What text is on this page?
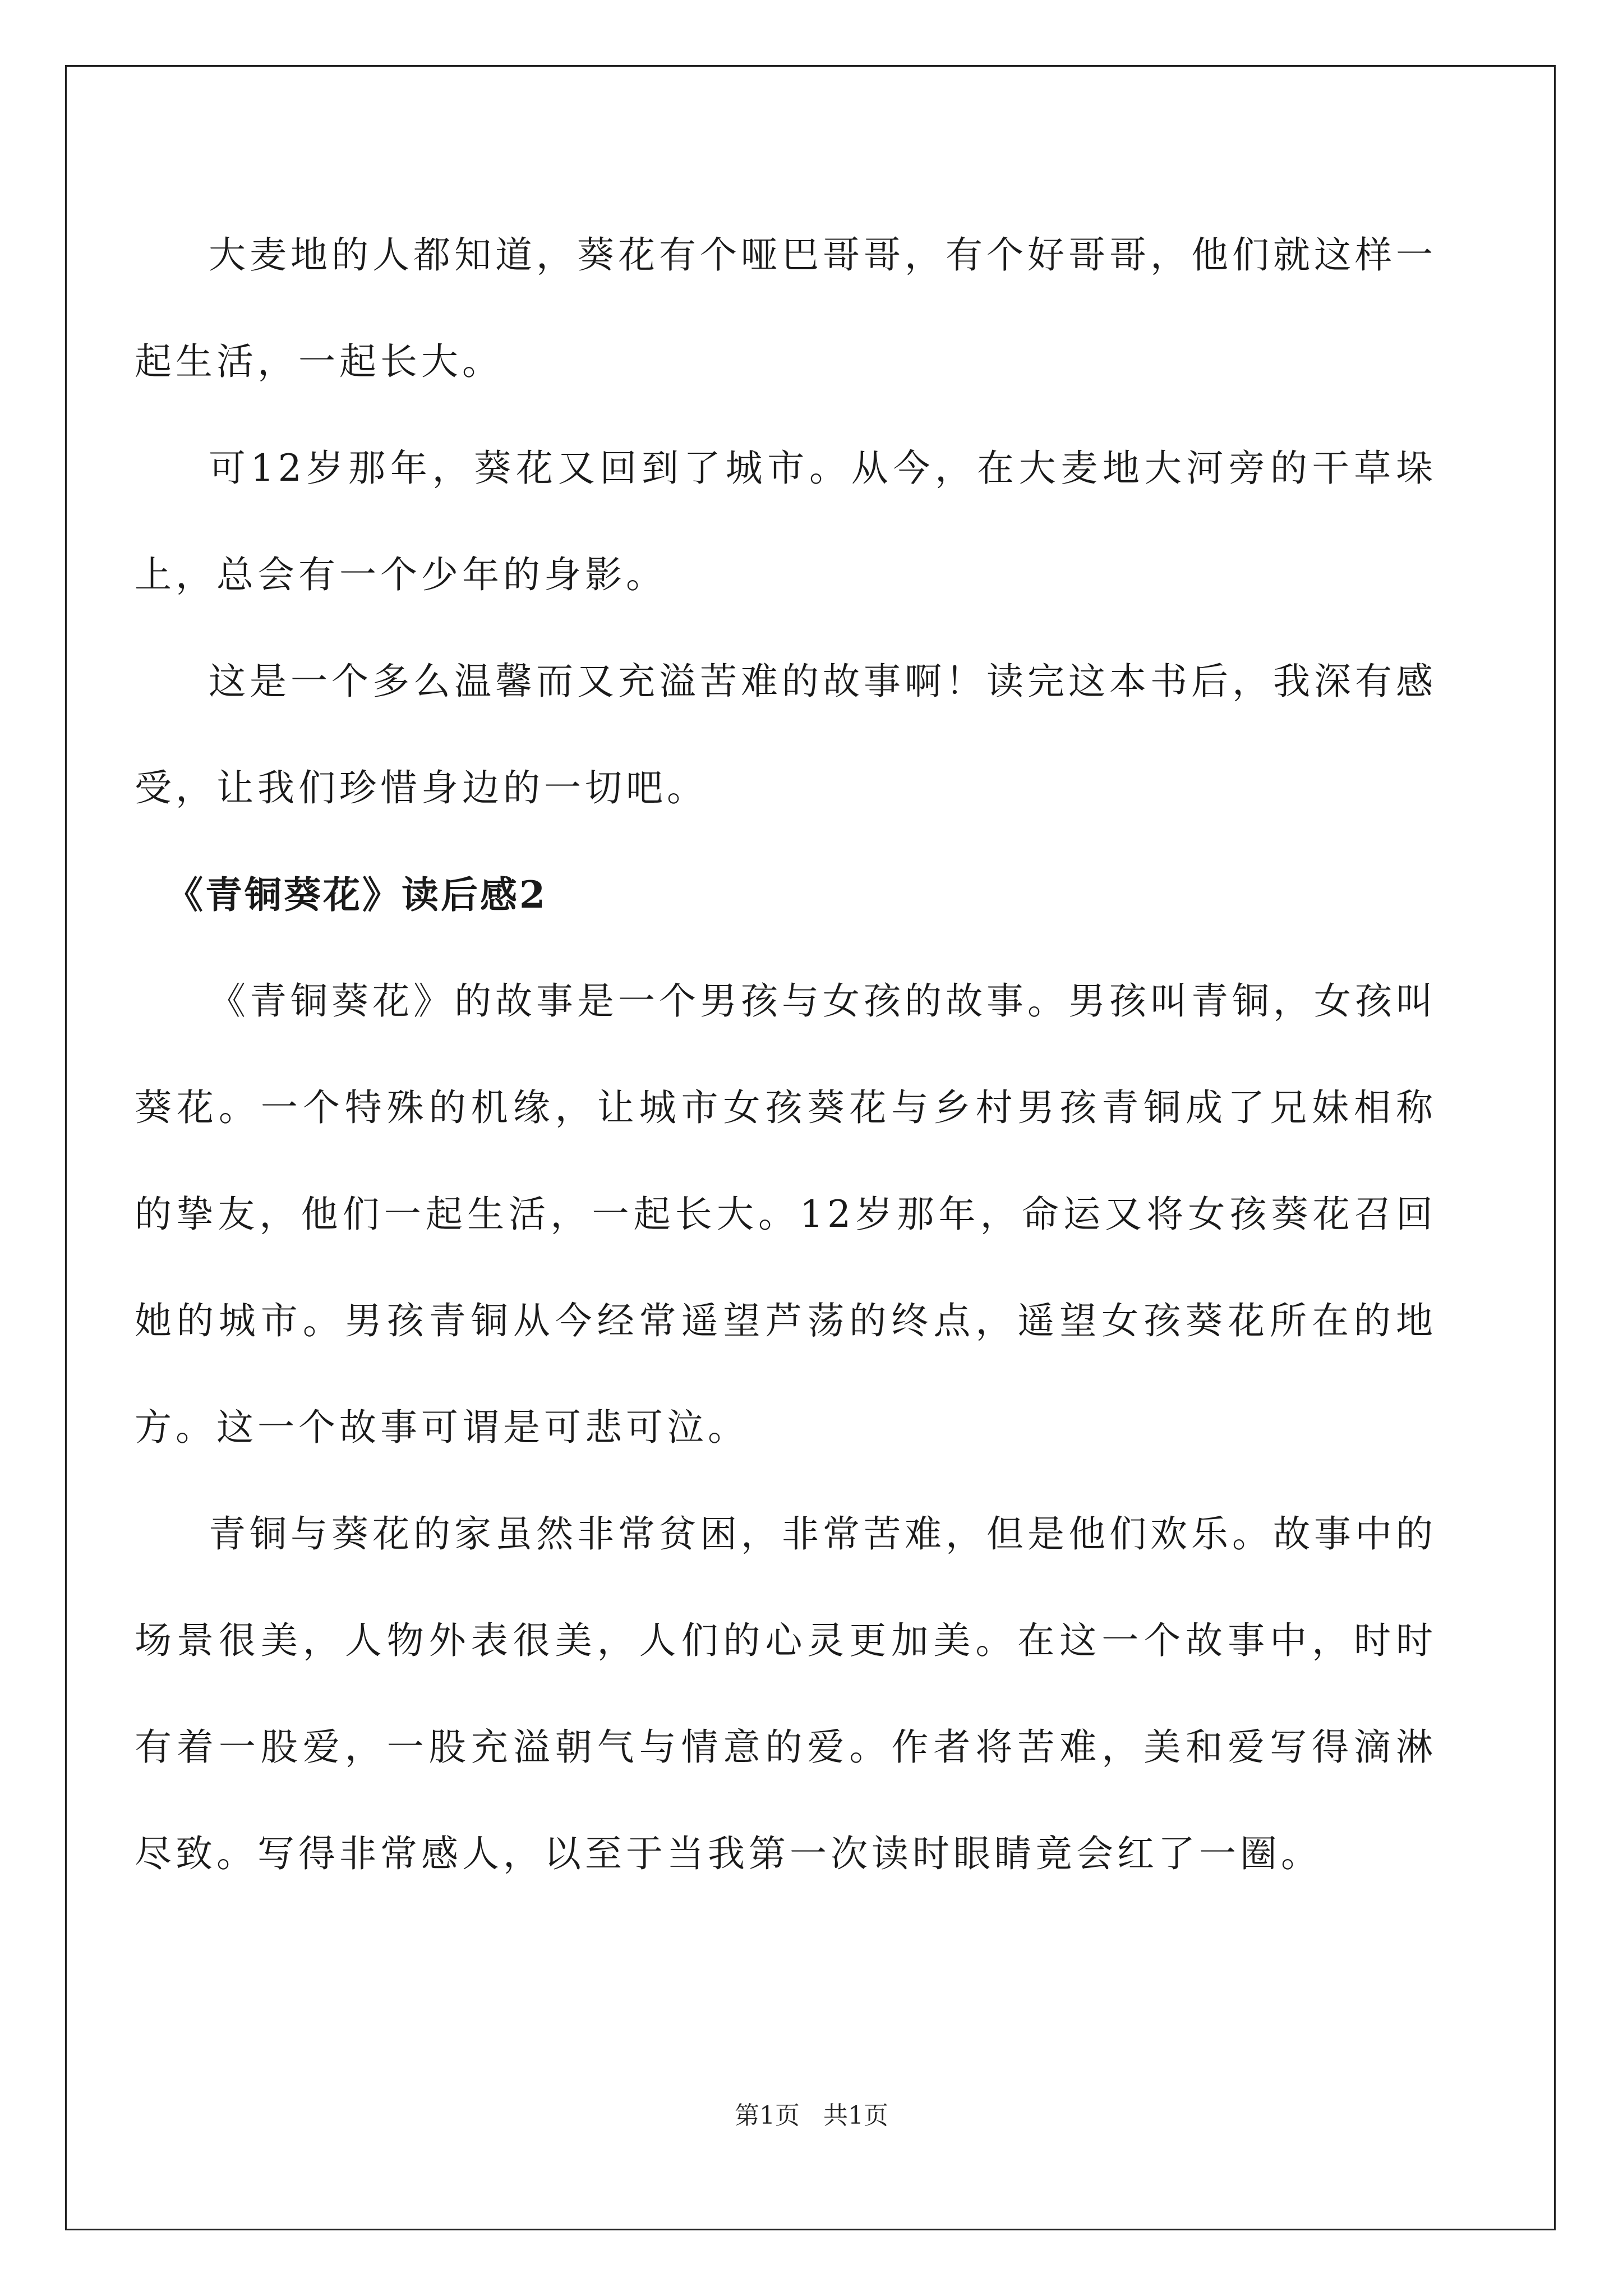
大麦地的人都知道，葵花有个哑巴哥哥，有个好哥哥，他们就这样一起生活，一起长大。

可12岁那年，葵花又回到了城市。从今，在大麦地大河旁的干草垛上，总会有一个少年的身影。

这是一个多么温馨而又充溢苦难的故事啊！读完这本书后，我深有感受，让我们珍惜身边的一切吧。

《青铜葵花》读后感2

《青铜葵花》的故事是一个男孩与女孩的故事。男孩叫青铜，女孩叫葵花。一个特殊的机缘，让城市女孩葵花与乡村男孩青铜成了兄妹相称的挚友，他们一起生活，一起长大。12岁那年，命运又将女孩葵花召回她的城市。男孩青铜从今经常遥望芦荡的终点，遥望女孩葵花所在的地方。这一个故事可谓是可悲可泣。

青铜与葵花的家虽然非常贫困，非常苦难，但是他们欢乐。故事中的场景很美，人物外表很美，人们的心灵更加美。在这一个故事中，时时有着一股爱，一股充溢朝气与情意的爱。作者将苦难，美和爱写得滴淋尽致。写得非常感人，以至于当我第一次读时眼睛竟会红了一圈。

第1页 共1页
